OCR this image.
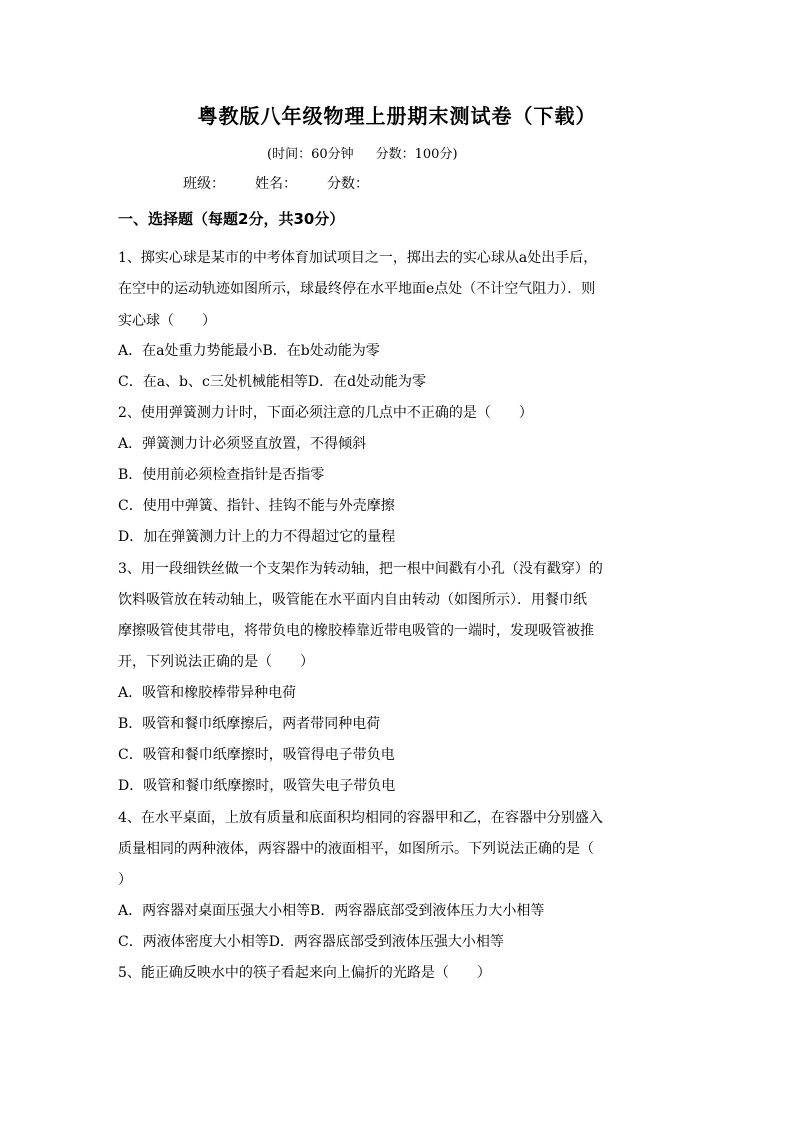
粤教版八年级物理上册期末测试卷（下载）
(时间：60分钟 分数：100分)
班级： 姓名： 分数：
一、选择题（每题2分，共30分）
1、掷实心球是某市的中考体育加试项目之一，掷出去的实心球从a处出手后，
在空中的运动轨迹如图所示，球最终停在水平地面e点处（不计空气阻力）．则
实心球（　　）
A．在a处重力势能最小B．在b处动能为零
C．在a、b、c三处机械能相等D．在d处动能为零
2、使用弹簧测力计时，下面必须注意的几点中不正确的是（　　）
A．弹簧测力计必须竖直放置，不得倾斜
B．使用前必须检查指针是否指零
C．使用中弹簧、指针、挂钩不能与外壳摩擦
D．加在弹簧测力计上的力不得超过它的量程
3、用一段细铁丝做一个支架作为转动轴，把一根中间戳有小孔（没有戳穿）的
饮料吸管放在转动轴上，吸管能在水平面内自由转动（如图所示）．用餐巾纸
摩擦吸管使其带电，将带负电的橡胶棒靠近带电吸管的一端时，发现吸管被推
开，下列说法正确的是（　　）
A．吸管和橡胶棒带异种电荷
B．吸管和餐巾纸摩擦后，两者带同种电荷
C．吸管和餐巾纸摩擦时，吸管得电子带负电
D．吸管和餐巾纸摩擦时，吸管失电子带负电
4、在水平桌面，上放有质量和底面积均相同的容器甲和乙，在容器中分别盛入
质量相同的两种液体，两容器中的液面相平，如图所示。下列说法正确的是（
）
A．两容器对桌面压强大小相等B．两容器底部受到液体压力大小相等
C．两液体密度大小相等D．两容器底部受到液体压强大小相等
5、能正确反映水中的筷子看起来向上偏折的光路是（　　）
